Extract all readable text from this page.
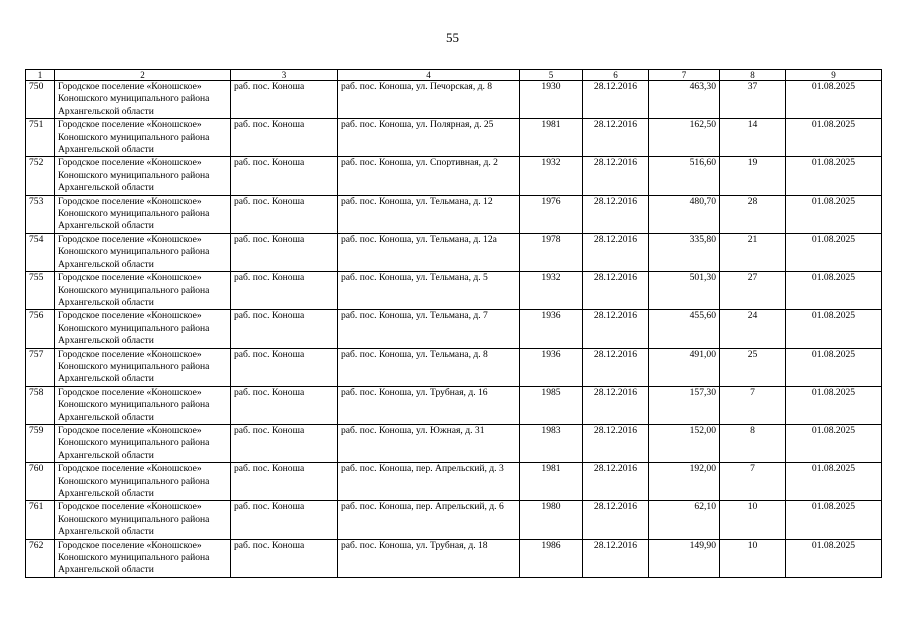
55
1	2	3	4	5	6	7	8	9
750	Городское поселение «Коношское» Коношского муниципального района Архангельской области	раб. пос. Коноша	раб. пос. Коноша, ул. Печорская, д. 8	1930	28.12.2016	463,30	37	01.08.2025
751	Городское поселение «Коношское» Коношского муниципального района Архангельской области	раб. пос. Коноша	раб. пос. Коноша, ул. Полярная, д. 25	1981	28.12.2016	162,50	14	01.08.2025
752	Городское поселение «Коношское» Коношского муниципального района Архангельской области	раб. пос. Коноша	раб. пос. Коноша, ул. Спортивная, д. 2	1932	28.12.2016	516,60	19	01.08.2025
753	Городское поселение «Коношское» Коношского муниципального района Архангельской области	раб. пос. Коноша	раб. пос. Коноша, ул. Тельмана, д. 12	1976	28.12.2016	480,70	28	01.08.2025
754	Городское поселение «Коношское» Коношского муниципального района Архангельской области	раб. пос. Коноша	раб. пос. Коноша, ул. Тельмана, д. 12а	1978	28.12.2016	335,80	21	01.08.2025
755	Городское поселение «Коношское» Коношского муниципального района Архангельской области	раб. пос. Коноша	раб. пос. Коноша, ул. Тельмана, д. 5	1932	28.12.2016	501,30	27	01.08.2025
756	Городское поселение «Коношское» Коношского муниципального района Архангельской области	раб. пос. Коноша	раб. пос. Коноша, ул. Тельмана, д. 7	1936	28.12.2016	455,60	24	01.08.2025
757	Городское поселение «Коношское» Коношского муниципального района Архангельской области	раб. пос. Коноша	раб. пос. Коноша, ул. Тельмана, д. 8	1936	28.12.2016	491,00	25	01.08.2025
758	Городское поселение «Коношское» Коношского муниципального района Архангельской области	раб. пос. Коноша	раб. пос. Коноша, ул. Трубная, д. 16	1985	28.12.2016	157,30	7	01.08.2025
759	Городское поселение «Коношское» Коношского муниципального района Архангельской области	раб. пос. Коноша	раб. пос. Коноша, ул. Южная, д. 31	1983	28.12.2016	152,00	8	01.08.2025
760	Городское поселение «Коношское» Коношского муниципального района Архангельской области	раб. пос. Коноша	раб. пос. Коноша, пер. Апрельский, д. 3	1981	28.12.2016	192,00	7	01.08.2025
761	Городское поселение «Коношское» Коношского муниципального района Архангельской области	раб. пос. Коноша	раб. пос. Коноша, пер. Апрельский, д. 6	1980	28.12.2016	62,10	10	01.08.2025
762	Городское поселение «Коношское» Коношского муниципального района Архангельской области	раб. пос. Коноша	раб. пос. Коноша, ул. Трубная, д. 18	1986	28.12.2016	149,90	10	01.08.2025
